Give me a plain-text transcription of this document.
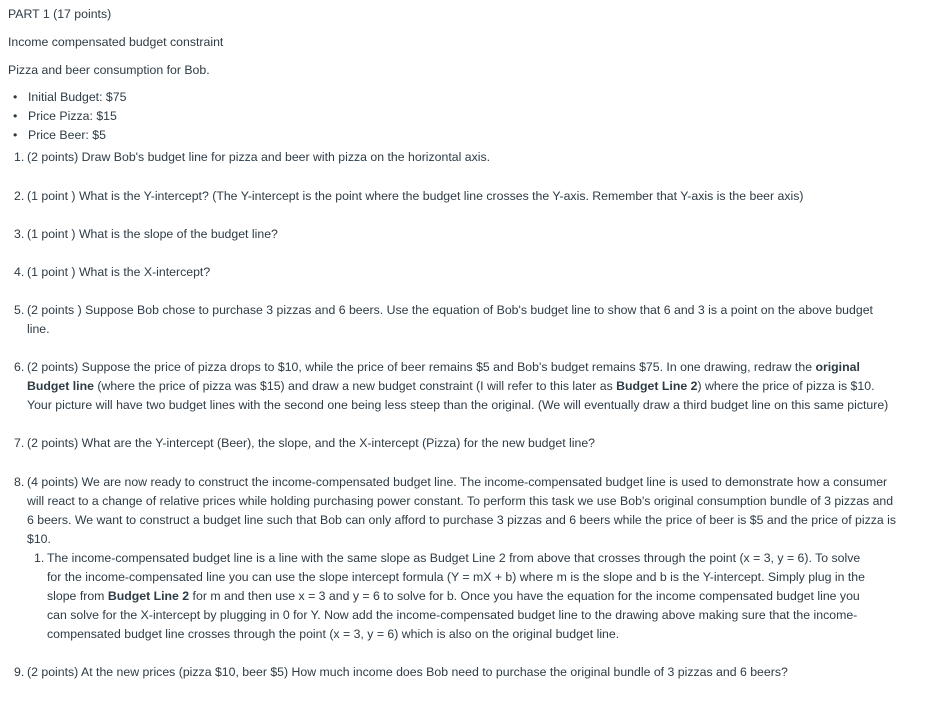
PART 1 (17 points)

Income compensated budget constraint

Pizza and beer consumption for Bob.

• Initial Budget: $75
• Price Pizza: $15
• Price Beer: $5
1. (2 points) Draw Bob's budget line for pizza and beer with pizza on the horizontal axis.
2. (1 point ) What is the Y-intercept? (The Y-intercept is the point where the budget line crosses the Y-axis. Remember that Y-axis is the beer axis)
3. (1 point ) What is the slope of the budget line?
4. (1 point ) What is the X-intercept?
5. (2 points ) Suppose Bob chose to purchase 3 pizzas and 6 beers. Use the equation of Bob's budget line to show that 6 and 3 is a point on the above budget line.
6. (2 points) Suppose the price of pizza drops to $10, while the price of beer remains $5 and Bob's budget remains $75. In one drawing, redraw the original Budget line (where the price of pizza was $15) and draw a new budget constraint (I will refer to this later as Budget Line 2) where the price of pizza is $10. Your picture will have two budget lines with the second one being less steep than the original. (We will eventually draw a third budget line on this same picture)
7. (2 points) What are the Y-intercept (Beer), the slope, and the X-intercept (Pizza) for the new budget line?
8. (4 points) We are now ready to construct the income-compensated budget line. The income-compensated budget line is used to demonstrate how a consumer will react to a change of relative prices while holding purchasing power constant. To perform this task we use Bob's original consumption bundle of 3 pizzas and 6 beers. We want to construct a budget line such that Bob can only afford to purchase 3 pizzas and 6 beers while the price of beer is $5 and the price of pizza is $10.
1. The income-compensated budget line is a line with the same slope as Budget Line 2 from above that crosses through the point (x = 3, y = 6). To solve for the income-compensated line you can use the slope intercept formula (Y = mX + b) where m is the slope and b is the Y-intercept. Simply plug in the slope from Budget Line 2 for m and then use x = 3 and y = 6 to solve for b. Once you have the equation for the income compensated budget line you can solve for the X-intercept by plugging in 0 for Y. Now add the income-compensated budget line to the drawing above making sure that the income-compensated budget line crosses through the point (x = 3, y = 6) which is also on the original budget line.
9. (2 points) At the new prices (pizza $10, beer $5) How much income does Bob need to purchase the original bundle of 3 pizzas and 6 beers?
